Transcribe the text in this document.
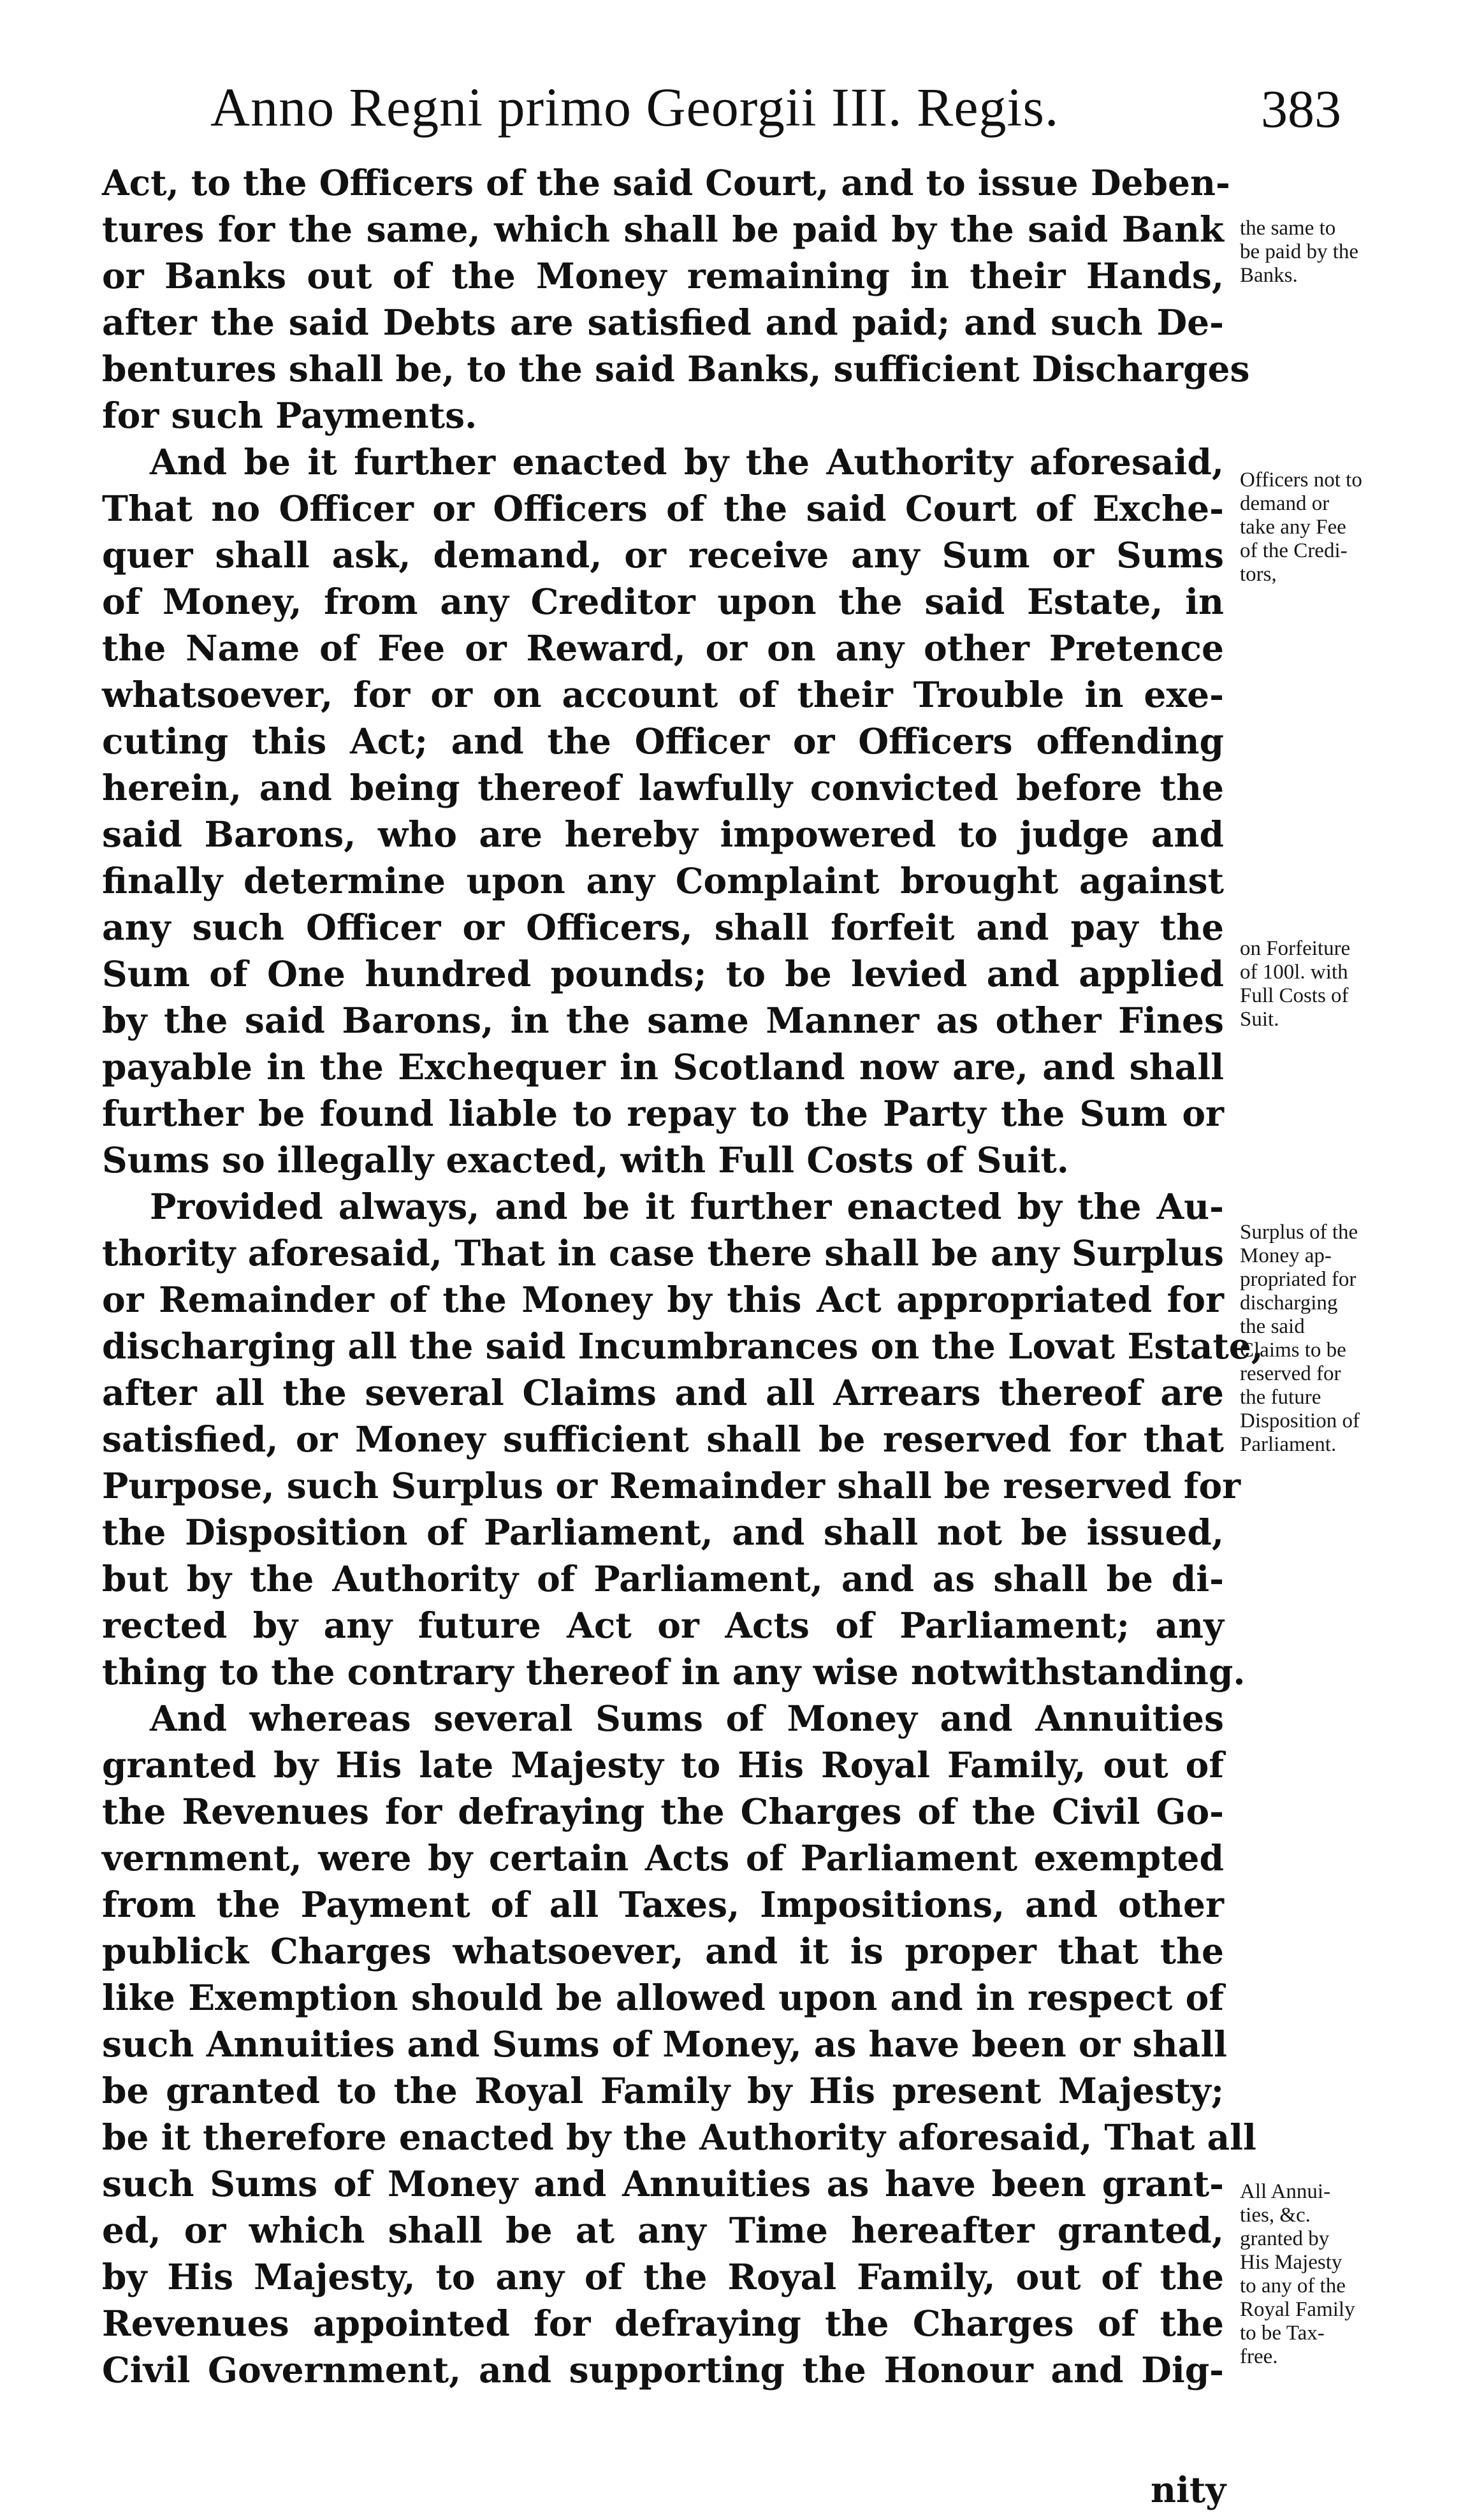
Anno Regni primo Georgii III. Regis.	383
Act, to the Officers of the said Court, and to issue Deben-
tures for the same, which shall be paid by the said Bank
or Banks out of the Money remaining in their Hands,
after the said Debts are satisfied and paid; and such De-
bentures shall be, to the said Banks, sufficient Discharges
for such Payments.
And be it further enacted by the Authority aforesaid,
That no Officer or Officers of the said Court of Exche-
quer shall ask, demand, or receive any Sum or Sums
of Money, from any Creditor upon the said Estate, in
the Name of Fee or Reward, or on any other Pretence
whatsoever, for or on account of their Trouble in exe-
cuting this Act; and the Officer or Officers offending
herein, and being thereof lawfully convicted before the
said Barons, who are hereby impowered to judge and
finally determine upon any Complaint brought against
any such Officer or Officers, shall forfeit and pay the
Sum of One hundred pounds; to be levied and applied
by the said Barons, in the same Manner as other Fines
payable in the Exchequer in Scotland now are, and shall
further be found liable to repay to the Party the Sum or
Sums so illegally exacted, with Full Costs of Suit.
Provided always, and be it further enacted by the Au-
thority aforesaid, That in case there shall be any Surplus
or Remainder of the Money by this Act appropriated for
discharging all the said Incumbrances on the Lovat Estate,
after all the several Claims and all Arrears thereof are
satisfied, or Money sufficient shall be reserved for that
Purpose, such Surplus or Remainder shall be reserved for
the Disposition of Parliament, and shall not be issued,
but by the Authority of Parliament, and as shall be di-
rected by any future Act or Acts of Parliament; any
thing to the contrary thereof in any wise notwithstanding.
And whereas several Sums of Money and Annuities
granted by His late Majesty to His Royal Family, out of
the Revenues for defraying the Charges of the Civil Go-
vernment, were by certain Acts of Parliament exempted
from the Payment of all Taxes, Impositions, and other
publick Charges whatsoever, and it is proper that the
like Exemption should be allowed upon and in respect of
such Annuities and Sums of Money, as have been or shall
be granted to the Royal Family by His present Majesty;
be it therefore enacted by the Authority aforesaid, That all
such Sums of Money and Annuities as have been grant-
ed, or which shall be at any Time hereafter granted,
by His Majesty, to any of the Royal Family, out of the
Revenues appointed for defraying the Charges of the
Civil Government, and supporting the Honour and Dig-
the same to
be paid by the
Banks.
Officers not to
demand or
take any Fee
of the Credi-
tors,
on Forfeiture
of 100l. with
Full Costs of
Suit.
Surplus of the
Money ap-
propriated for
discharging
the said
Claims to be
reserved for
the future
Disposition of
Parliament.
All Annui-
ties, &c.
granted by
His Majesty
to any of the
Royal Family
to be Tax-
free.
nity
